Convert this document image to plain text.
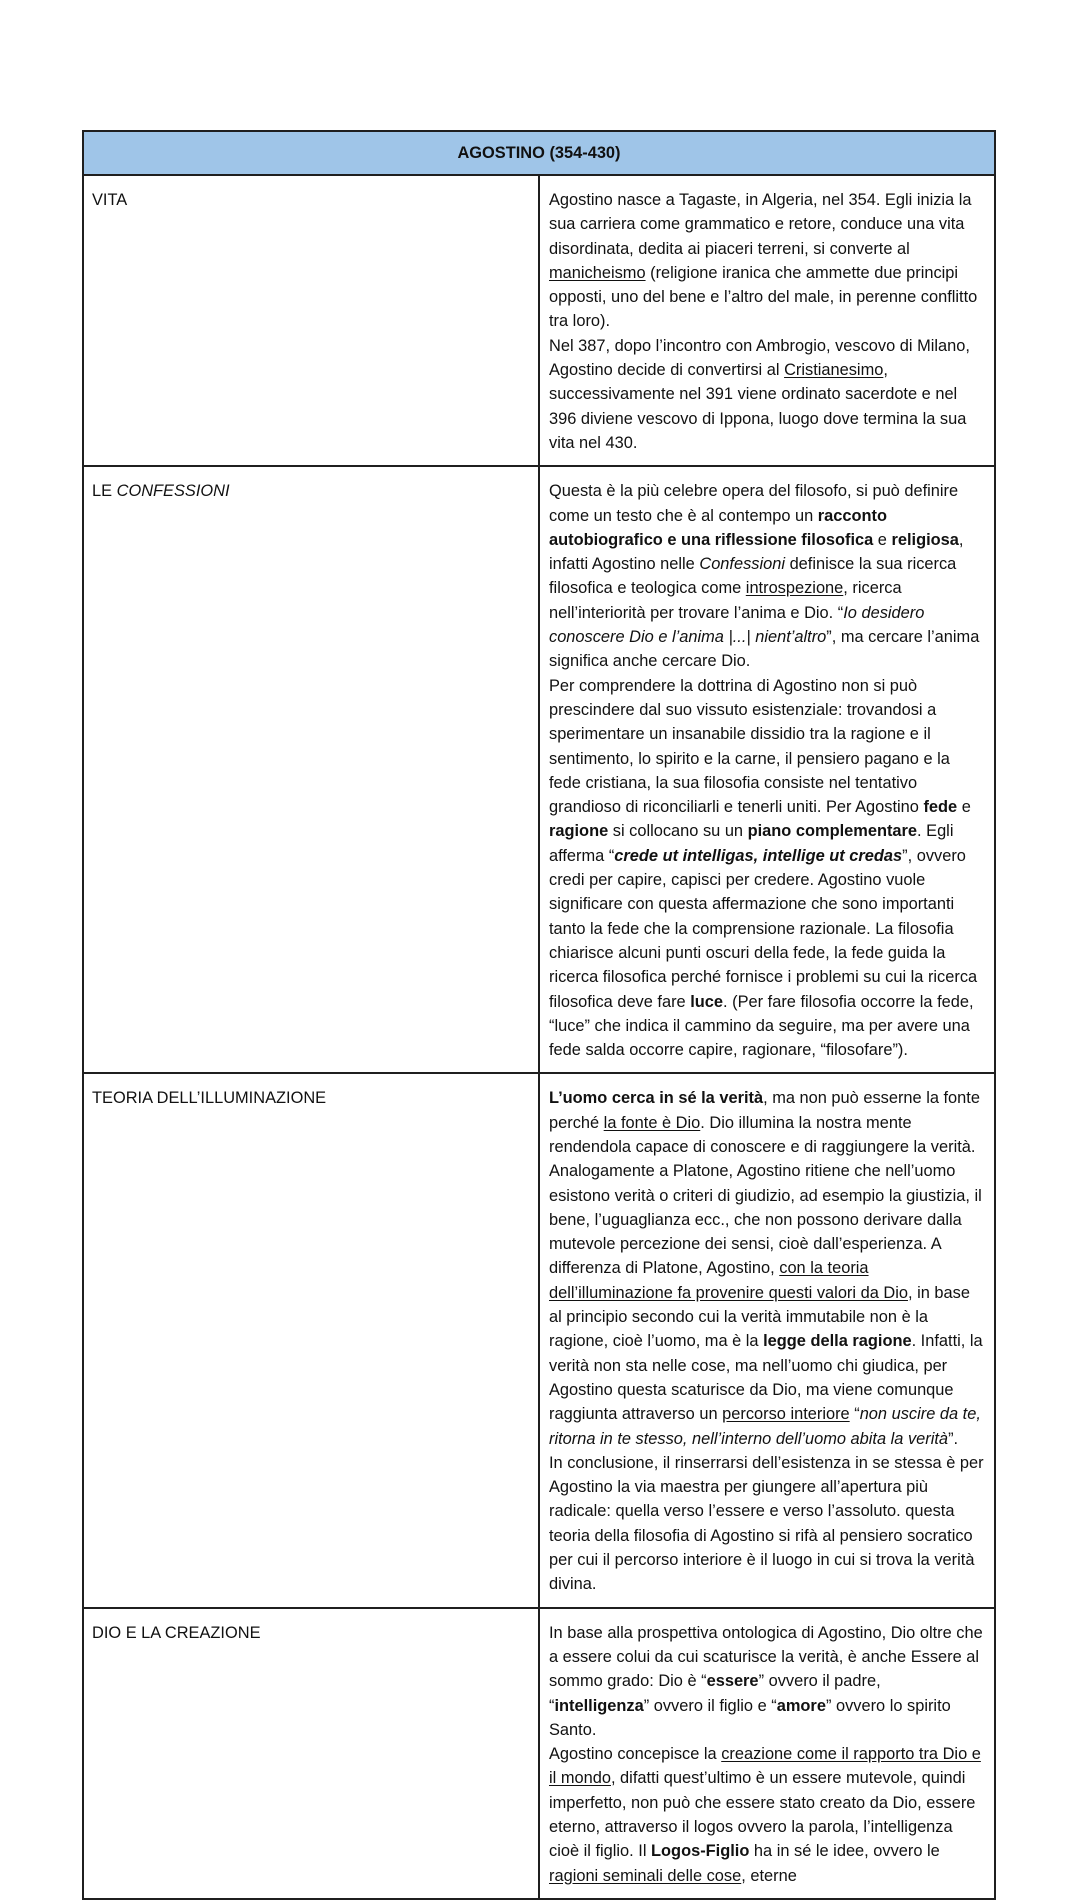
AGOSTINO (354-430)	
VITA	Agostino nasce a Tagaste, in Algeria, nel 354. Egli inizia la sua carriera come grammatico e retore, conduce una vita disordinata, dedita ai piaceri terreni, si converte al manicheismo (religione iranica che ammette due principi opposti, uno del bene e l’altro del male, in perenne conflitto tra loro).
Nel 387, dopo l’incontro con Ambrogio, vescovo di Milano, Agostino decide di convertirsi al Cristianesimo, successivamente nel 391 viene ordinato sacerdote e nel 396 diviene vescovo di Ippona, luogo dove termina la sua vita nel 430.

LE CONFESSIONI	Questa è la più celebre opera del filosofo, si può definire come un testo che è al contempo un racconto autobiografico e una riflessione filosofica e religiosa, infatti Agostino nelle Confessioni definisce la sua ricerca filosofica e teologica come introspezione, ricerca nell’interiorità per trovare l’anima e Dio. “Io desidero conoscere Dio e l’anima |...| nient’altro”, ma cercare l’anima significa anche cercare Dio.
Per comprendere la dottrina di Agostino non si può prescindere dal suo vissuto esistenziale: trovandosi a sperimentare un insanabile dissidio tra la ragione e il sentimento, lo spirito e la carne, il pensiero pagano e la fede cristiana, la sua filosofia consiste nel tentativo grandioso di riconciliarli e tenerli uniti. Per Agostino fede e ragione si collocano su un piano complementare. Egli afferma “crede ut intelligas, intellige ut credas”, ovvero credi per capire, capisci per credere. Agostino vuole significare con questa affermazione che sono importanti tanto la fede che la comprensione razionale. La filosofia chiarisce alcuni punti oscuri della fede, la fede guida la ricerca filosofica perché fornisce i problemi su cui la ricerca filosofica deve fare luce. (Per fare filosofia occorre la fede, “luce” che indica il cammino da seguire, ma per avere una fede salda occorre capire, ragionare, “filosofare”).

TEORIA DELL’ILLUMINAZIONE	L’uomo cerca in sé la verità, ma non può esserne la fonte perché la fonte è Dio. Dio illumina la nostra mente rendendola capace di conoscere e di raggiungere la verità. Analogamente a Platone, Agostino ritiene che nell’uomo esistono verità o criteri di giudizio, ad esempio la giustizia, il bene, l’uguaglianza ecc., che non possono derivare dalla mutevole percezione dei sensi, cioè dall’esperienza. A differenza di Platone, Agostino, con la teoria dell’illuminazione fa provenire questi valori da Dio, in base al principio secondo cui la verità immutabile non è la ragione, cioè l’uomo, ma è la legge della ragione. Infatti, la verità non sta nelle cose, ma nell’uomo chi giudica, per Agostino questa scaturisce da Dio, ma viene comunque raggiunta attraverso un percorso interiore “non uscire da te, ritorna in te stesso, nell’interno dell’uomo abita la verità”.
In conclusione, il rinserrarsi dell’esistenza in se stessa è per Agostino la via maestra per giungere all’apertura più radicale: quella verso l’essere e verso l’assoluto. questa teoria della filosofia di Agostino si rifà al pensiero socratico per cui il percorso interiore è il luogo in cui si trova la verità divina.

DIO E LA CREAZIONE	In base alla prospettiva ontologica di Agostino, Dio oltre che a essere colui da cui scaturisce la verità, è anche Essere al sommo grado: Dio è “essere” ovvero il padre, “intelligenza” ovvero il figlio e “amore” ovvero lo spirito Santo.
Agostino concepisce la creazione come il rapporto tra Dio e il mondo, difatti quest’ultimo è un essere mutevole, quindi imperfetto, non può che essere stato creato da Dio, essere eterno, attraverso il logos ovvero la parola, l’intelligenza cioè il figlio. Il Logos-Figlio ha in sé le idee, ovvero le ragioni seminali delle cose, eterne
